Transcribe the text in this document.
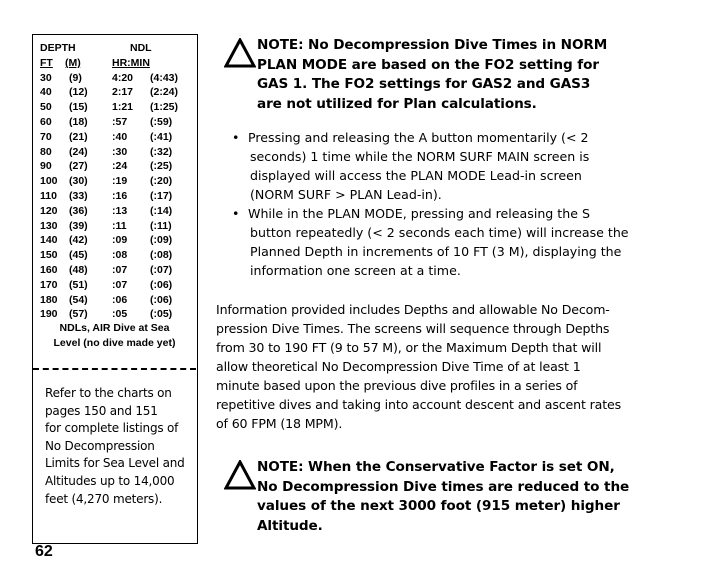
DEPTH	NDL
FT (M)	HR:MIN
30 (9)	4:20 (4:43)
40 (12) 2:17 (2:24)
50 (15) 1:21 (1:25)
60 (18) :57 (:59)
70 (21) :40 (:41)
80 (24) :30 (:32)
90 (27) :24 (:25)
100 (30) :19 (:20)
110 (33) :16 (:17)
120 (36) :13 (:14)
130 (39) :11 (:11)
140 (42) :09 (:09)
150 (45) :08 (:08)
160 (48) :07 (:07)
170 (51) :07 (:06)
180 (54) :06 (:06)
190 (57) :05 (:05)
NDLs, AIR Dive at Sea
Level (no dive made yet)
Refer to the charts on
pages 150 and 151
for complete listings of
No Decompression
Limits for Sea Level and
Altitudes up to 14,000
feet (4,270 meters).
62
NOTE: No Decompression Dive Times in NORM
PLAN MODE are based on the FO2 setting for
GAS 1. The FO2 settings for GAS2 and GAS3
are not utilized for Plan calculations.
• Pressing and releasing the A button momentarily (< 2
seconds) 1 time while the NORM SURF MAIN screen is
displayed will access the PLAN MODE Lead-in screen
(NORM SURF > PLAN Lead-in).
• While in the PLAN MODE, pressing and releasing the S
button repeatedly (< 2 seconds each time) will increase the
Planned Depth in increments of 10 FT (3 M), displaying the
information one screen at a time.
Information provided includes Depths and allowable No Decom-
pression Dive Times. The screens will sequence through Depths
from 30 to 190 FT (9 to 57 M), or the Maximum Depth that will
allow theoretical No Decompression Dive Time of at least 1
minute based upon the previous dive profiles in a series of
repetitive dives and taking into account descent and ascent rates
of 60 FPM (18 MPM).
NOTE: When the Conservative Factor is set ON,
No Decompression Dive times are reduced to the
values of the next 3000 foot (915 meter) higher
Altitude.
